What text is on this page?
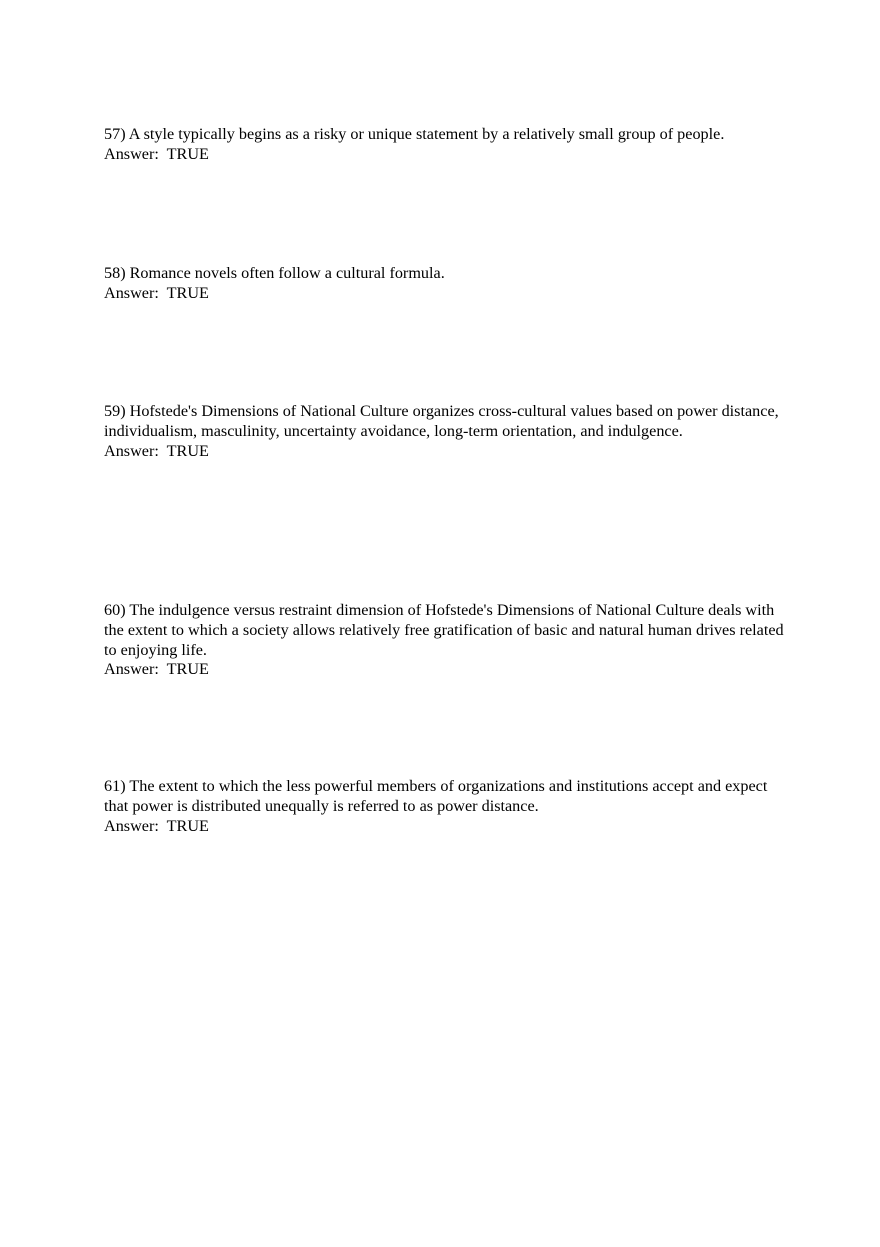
57) A style typically begins as a risky or unique statement by a relatively small group of people.

Answer:  TRUE

58) Romance novels often follow a cultural formula.

Answer:  TRUE

59) Hofstede's Dimensions of National Culture organizes cross-cultural values based on power distance, individualism, masculinity, uncertainty avoidance, long-term orientation, and indulgence.

Answer:  TRUE

60) The indulgence versus restraint dimension of Hofstede's Dimensions of National Culture deals with the extent to which a society allows relatively free gratification of basic and natural human drives related to enjoying life.

Answer:  TRUE

61) The extent to which the less powerful members of organizations and institutions accept and expect that power is distributed unequally is referred to as power distance.

Answer:  TRUE
